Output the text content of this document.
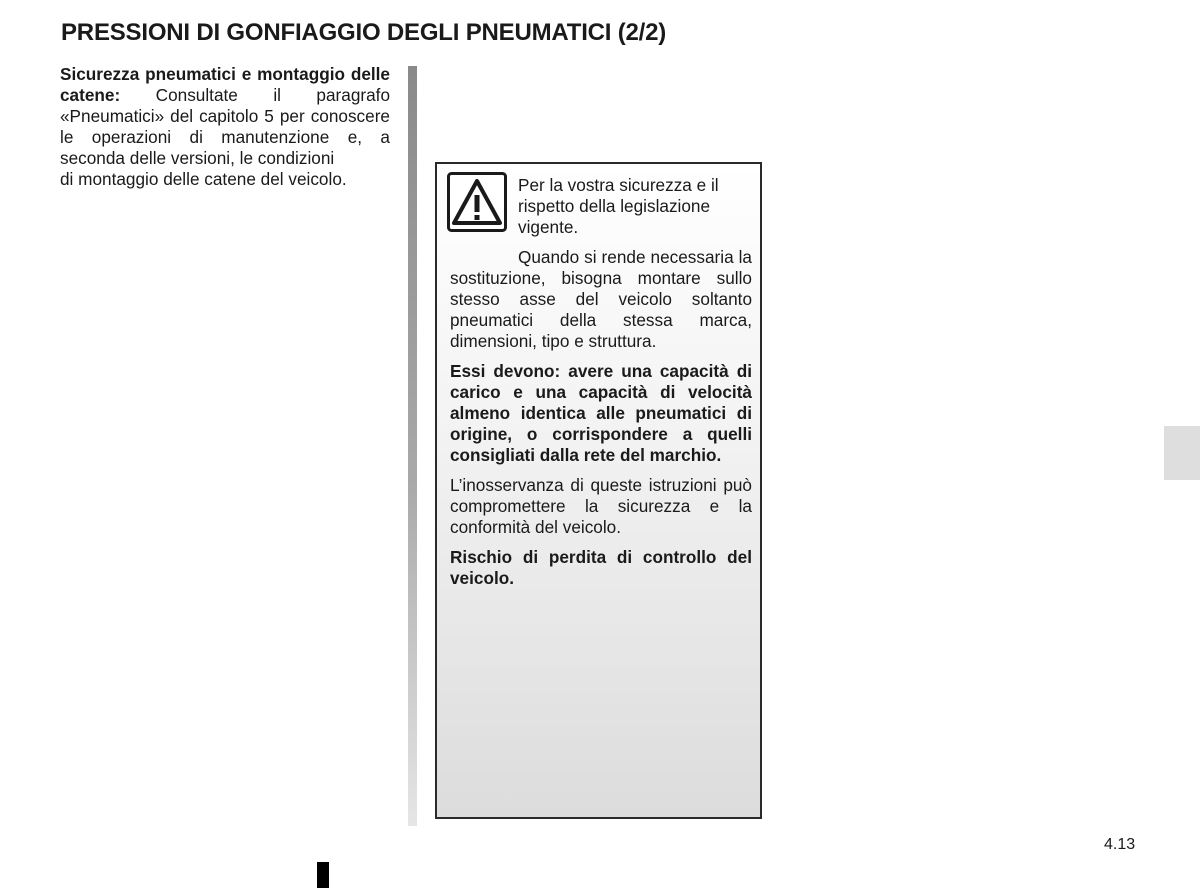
PRESSIONI DI GONFIAGGIO DEGLI PNEUMATICI (2/2)

Sicurezza pneumatici e montaggio delle catene: Consultate il paragrafo «Pneumatici» del capitolo 5 per conoscere le operazioni di manutenzione e, a seconda delle versioni, le condizioni
di montaggio delle catene del veicolo.	Per la vostra sicurezza e il rispetto della legislazione vigente.

Quando si rende necessaria la sostituzione, bisogna montare sullo stesso asse del veicolo soltanto pneumatici della stessa marca, dimensioni, tipo e struttura.

Essi devono: avere una capacità di carico e una capacità di velocità almeno identica alle pneumatici di origine, o corrispondere a quelli consigliati dalla rete del marchio.

L’inosservanza di queste istruzioni può compromettere la sicurezza e la conformità del veicolo.

Rischio di perdita di controllo del veicolo.

4.13
